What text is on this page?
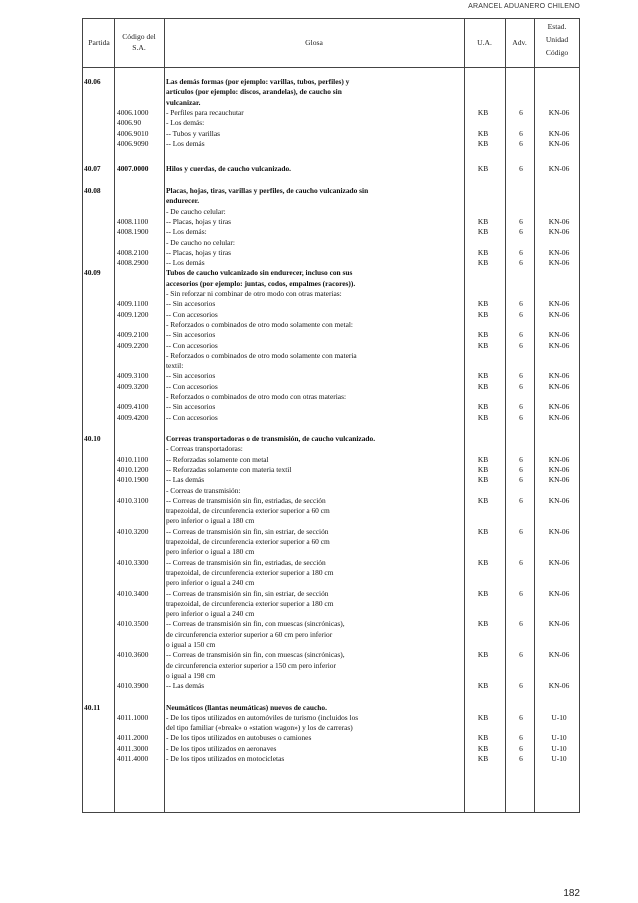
ARANCEL ADUANERO CHILENO
Partida
Código del
S.A.
Glosa	U.A.	Adv.
Estad.
Unidad
Código
40.06	Las demás formas (por ejemplo: varillas, tubos, perfiles) y
artículos (por ejemplo: discos, arandelas), de caucho sin
vulcanizar.
4006.1000 - Perfiles para recauchutar	KB	6	KN-06
4006.90	- Los demás:
4006.9010 -- Tubos y varillas	KB	6	KN-06
4006.9090 -- Los demás	KB	6	KN-06
40.07 4007.0000 Hilos y cuerdas, de caucho vulcanizado.	KB	6	KN-06
40.08	Placas, hojas, tiras, varillas y perfiles, de caucho vulcanizado sin
endurecer.
- De caucho celular:
4008.1100 -- Placas, hojas y tiras	KB	6	KN-06
4008.1900 -- Los demás:	KB	6	KN-06
- De caucho no celular:
4008.2100 -- Placas, hojas y tiras	KB	6	KN-06
4008.2900 -- Los demás	KB	6	KN-06
40.09	Tubos de caucho vulcanizado sin endurecer, incluso con sus
accesorios (por ejemplo: juntas, codos, empalmes (racores)).
- Sin reforzar ni combinar de otro modo con otras materias:
4009.1100 -- Sin accesorios	KB	6	KN-06
4009.1200 -- Con accesorios	KB	6	KN-06
- Reforzados o combinados de otro modo solamente con metal:
4009.2100 -- Sin accesorios	KB	6	KN-06
4009.2200 -- Con accesorios	KB	6	KN-06
- Reforzados o combinados de otro modo solamente con materia
textil:
4009.3100 -- Sin accesorios	KB	6	KN-06
4009.3200 -- Con accesorios	KB	6	KN-06
- Reforzados o combinados de otro modo con otras materias:
4009.4100 -- Sin accesorios	KB	6	KN-06
4009.4200 -- Con accesorios	KB	6	KN-06
40.10	Correas transportadoras o de transmisión, de caucho vulcanizado.
- Correas transportadoras:
4010.1100 -- Reforzadas solamente con metal	KB	6	KN-06
4010.1200 -- Reforzadas solamente con materia textil	KB	6	KN-06
4010.1900 -- Las demás	KB	6	KN-06
- Correas de transmisión:
4010.3100 -- Correas de transmisión sin fin, estriadas, de sección	KB	6	KN-06
trapezoidal, de circunferencia exterior superior a 60 cm
pero inferior o igual a 180 cm
4010.3200 -- Correas de transmisión sin fin, sin estriar, de sección	KB	6	KN-06
trapezoidal, de circunferencia exterior superior a 60 cm
pero inferior o igual a 180 cm
4010.3300 -- Correas de transmisión sin fin, estriadas, de sección	KB	6	KN-06
trapezoidal, de circunferencia exterior superior a 180 cm
pero inferior o igual a 240 cm
4010.3400 -- Correas de transmisión sin fin, sin estriar, de sección	KB	6	KN-06
trapezoidal, de circunferencia exterior superior a 180 cm
pero inferior o igual a 240 cm
4010.3500 -- Correas de transmisión sin fin, con muescas (sincrónicas),	KB	6	KN-06
de circunferencia exterior superior a 60 cm pero inferior
o igual a 150 cm
4010.3600 -- Correas de transmisión sin fin, con muescas (sincrónicas),	KB	6	KN-06
de circunferencia exterior superior a 150 cm pero inferior
o igual a 198 cm
4010.3900 -- Las demás	KB	6	KN-06
40.11	Neumáticos (llantas neumáticas) nuevos de caucho.
4011.1000 - De los tipos utilizados en automóviles de turismo (incluidos los	KB	6	U-10
del tipo familiar («break» o «station wagon») y los de carreras)
4011.2000 - De los tipos utilizados en autobuses o camiones	KB	6	U-10
4011.3000 - De los tipos utilizados en aeronaves	KB	6	U-10
4011.4000 - De los tipos utilizados en motocicletas	KB	6	U-10
182
